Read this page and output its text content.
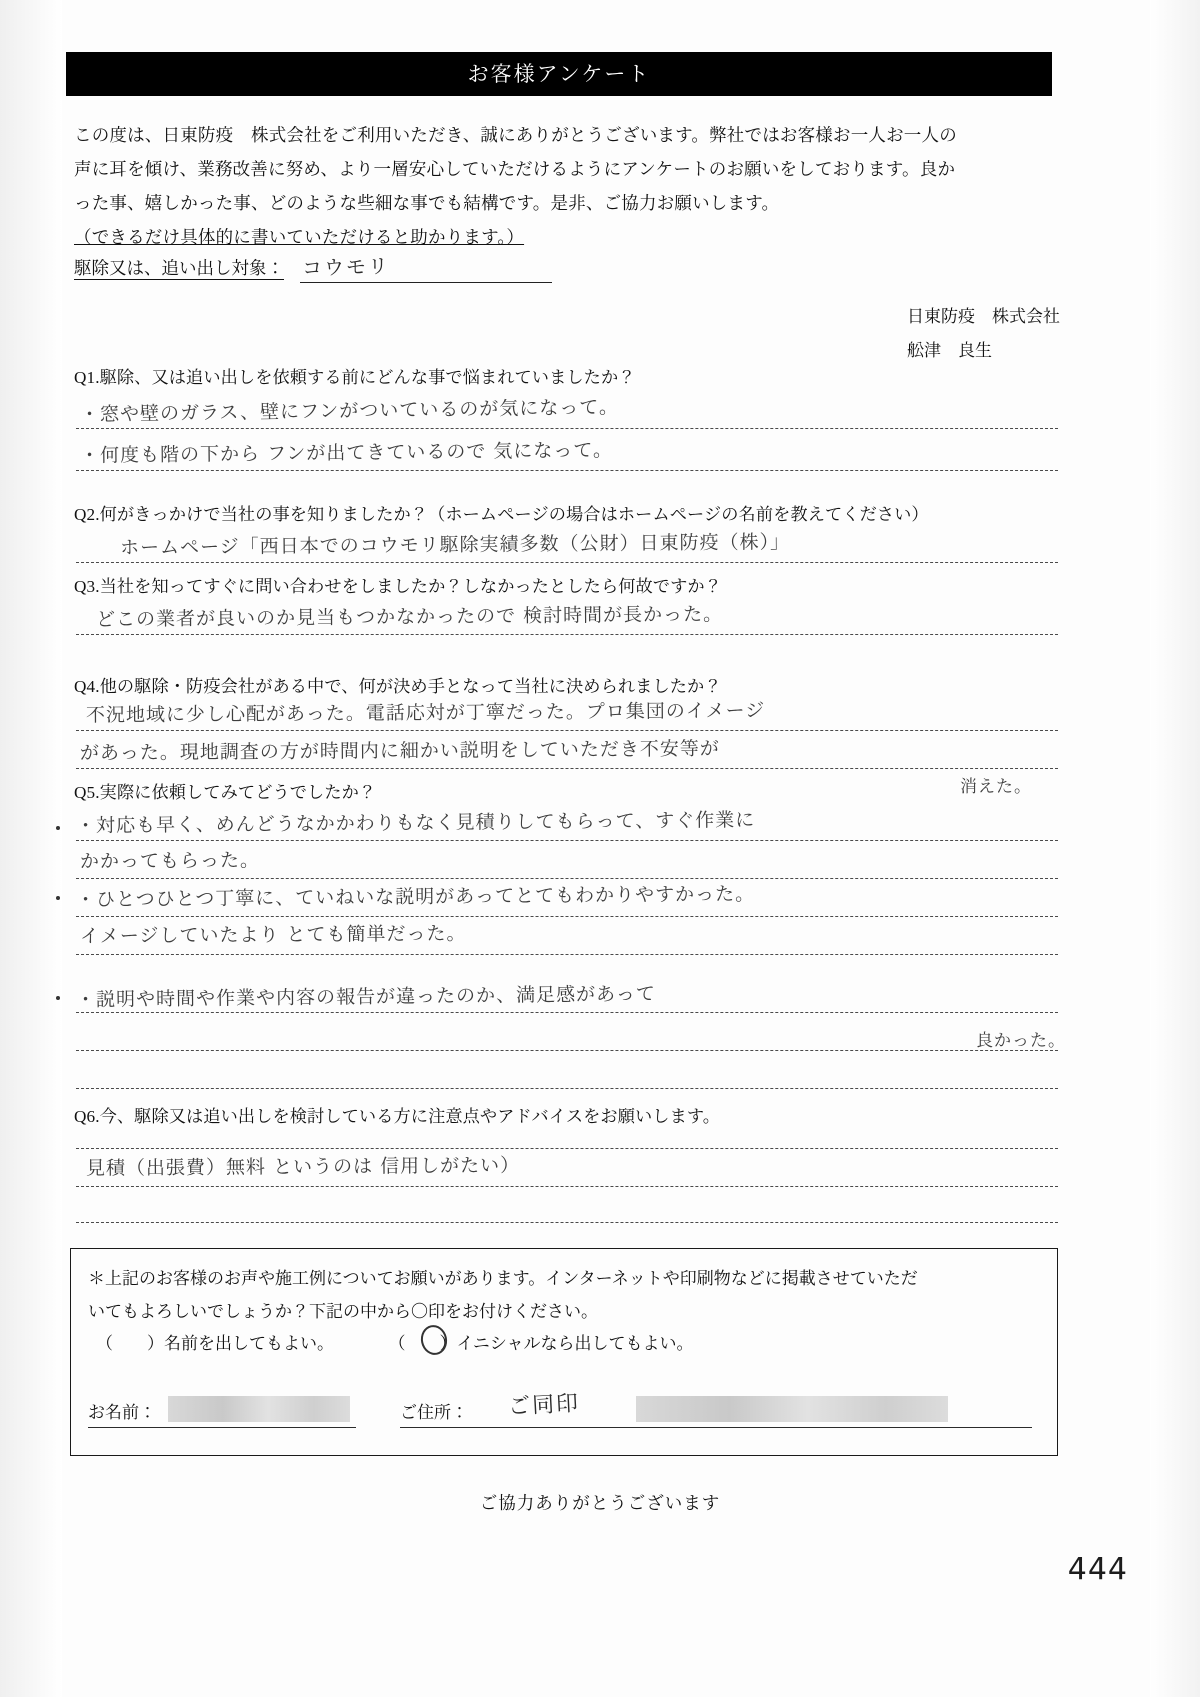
お客様アンケート

この度は、日東防疫　株式会社をご利用いただき、誠にありがとうございます。弊社ではお客様お一人お一人の

声に耳を傾け、業務改善に努め、より一層安心していただけるようにアンケートのお願いをしております。良か

った事、嬉しかった事、どのような些細な事でも結構です。是非、ご協力お願いします。

（できるだけ具体的に書いていただけると助かります。）

駆除又は、追い出し対象： コウモリ
日東防疫　株式会社
舩津　良生
Q1.駆除、又は追い出しを依頼する前にどんな事で悩まれていましたか？
・窓や壁のガラス、壁にフンがついているのが気になって。
・何度も階の下から フンが出てきているので 気になって。
Q2.何がきっかけで当社の事を知りましたか？（ホームページの場合はホームページの名前を教えてください）
ホームページ「西日本でのコウモリ駆除実績多数（公財）日東防疫（株）」
Q3.当社を知ってすぐに問い合わせをしましたか？しなかったとしたら何故ですか？
どこの業者が良いのか見当もつかなかったので 検討時間が長かった。
Q4.他の駆除・防疫会社がある中で、何が決め手となって当社に決められましたか？
不況地域に少し心配があった。電話応対が丁寧だった。プロ集団のイメージ
があった。現地調査の方が時間内に細かい説明をしていただき不安等が
消えた。
Q5.実際に依頼してみてどうでしたか？
・対応も早く、めんどうなかかわりもなく見積りしてもらって、すぐ作業に
かかってもらった。
・ひとつひとつ丁寧に、ていねいな説明があってとてもわかりやすかった。
イメージしていたより とても簡単だった。
・説明や時間や作業や内容の報告が違ったのか、満足感があって
良かった。
Q6.今、駆除又は追い出しを検討している方に注意点やアドバイスをお願いします。
見積（出張費）無料 というのは 信用しがたい）
＊上記のお客様のお声や施工例についてお願いがあります。インターネットや印刷物などに掲載させていただ
いてもよろしいでしょうか？下記の中から〇印をお付けください。
（　　）名前を出してもよい。	（　　）イニシャルなら出してもよい。
お名前：	ご住所： ご同印
ご協力ありがとうございます
444
